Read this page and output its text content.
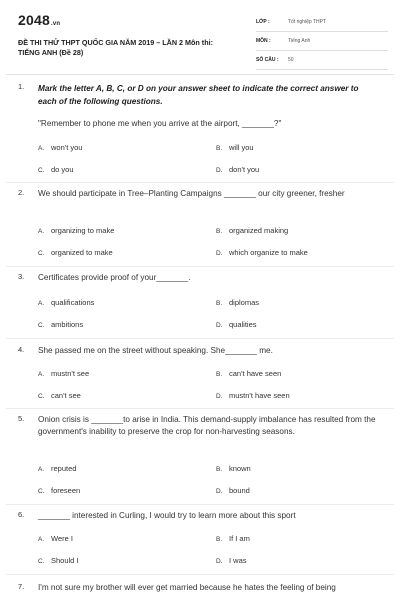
2048.vn
ĐỀ THI THỬ THPT QUỐC GIA NĂM 2019 – LẦN 2 Môn thi:
TIẾNG ANH (Đề 28)
LỚP :	Tốt nghiệp THPT
MÔN :	Tiếng Anh
SỐ CÂU : 50
1. Mark the letter A, B, C, or D on your answer sheet to indicate the correct answer to each of the following questions.
"Remember to phone me when you arrive at the airport, _______?"
A. won't you	B. will you
C. do you	D. don't you
2. We should participate in Tree–Planting Campaigns _______ our city greener, fresher
A. organizing to make	B. organized making
C. organized to make	D. which organize to make
3. Certificates provide proof of your_______.
A. qualifications	B. diplomas
C. ambitions	D. qualities
4. She passed me on the street without speaking. She_______ me.
A. mustn't see	B. can't have seen
C. can't see	D. mustn't have seen
5. Onion crisis is _______to arise in India. This demand-supply imbalance has resulted from the government's inability to preserve the crop for non-harvesting seasons.
A. reputed	B. known
C. foreseen	D. bound
6. _______ interested in Curling, I would try to learn more about this sport
A. Were I	B. If I am
C. Should I	D. I was
7. I'm not sure my brother will ever get married because he hates the feeling of being
